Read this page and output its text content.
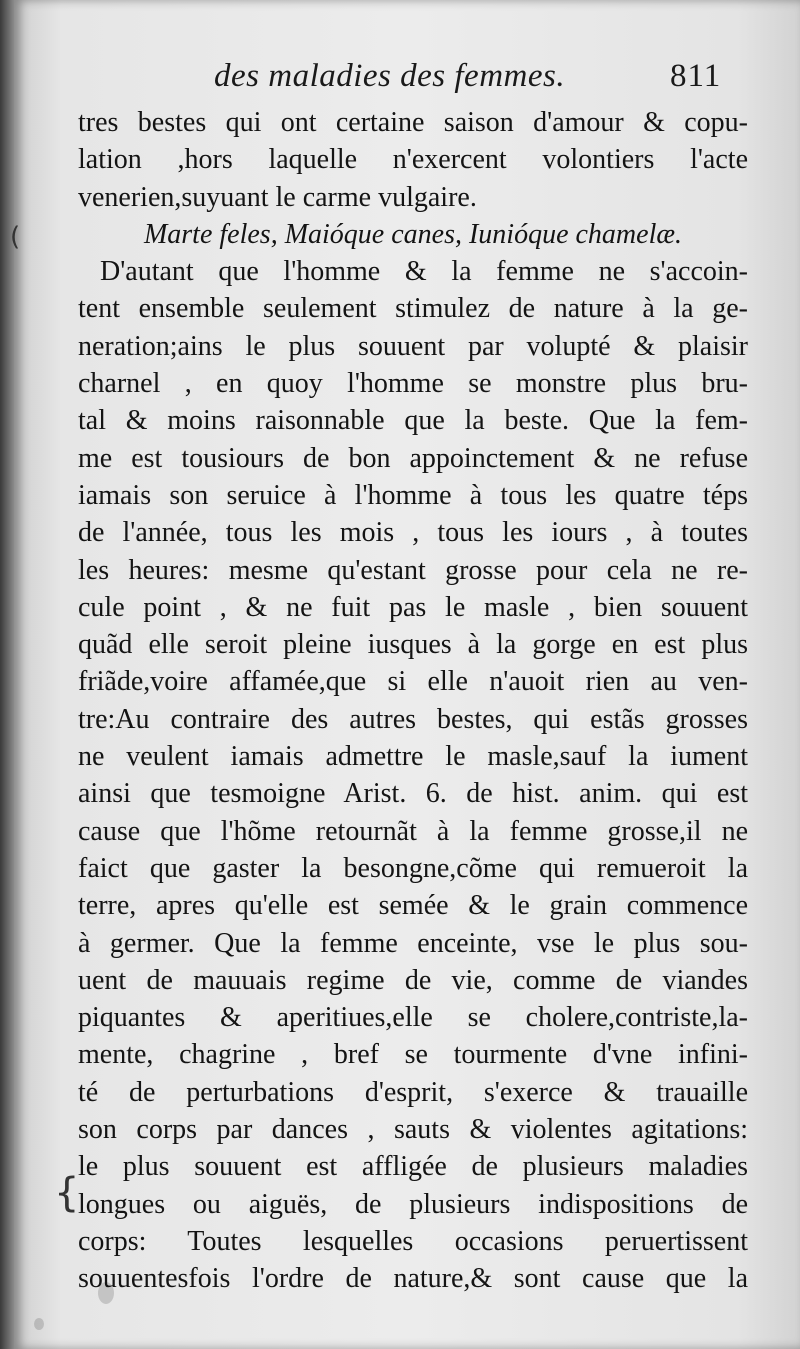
{
(
des maladies des femmes.	811
tres bestes qui ont certaine saison d'amour & copu-
lation ,hors laquelle n'exercent volontiers l'acte
venerien,suyuant le carme vulgaire.
Marte feles, Maióque canes, Iunióque chamelæ.
D'autant que l'homme & la femme ne s'accoin-
tent ensemble seulement stimulez de nature à la ge-
neration;ains le plus souuent par volupté & plaisir
charnel , en quoy l'homme se monstre plus bru-
tal & moins raisonnable que la beste. Que la fem-
me est tousiours de bon appoinctement & ne refuse
iamais son seruice à l'homme à tous les quatre téps
de l'année, tous les mois , tous les iours , à toutes
les heures: mesme qu'estant grosse pour cela ne re-
cule point , & ne fuit pas le masle , bien souuent
quãd elle seroit pleine iusques à la gorge en est plus
friãde,voire affamée,que si elle n'auoit rien au ven-
tre:Au contraire des autres bestes, qui estãs grosses
ne veulent iamais admettre le masle,sauf la iument
ainsi que tesmoigne Arist. 6. de hist. anim. qui est
cause que l'hõme retournãt à la femme grosse,il ne
faict que gaster la besongne,cõme qui remueroit la
terre, apres qu'elle est semée & le grain commence
à germer. Que la femme enceinte, vse le plus sou-
uent de mauuais regime de vie, comme de viandes
piquantes & aperitiues,elle se cholere,contriste,la-
mente, chagrine , bref se tourmente d'vne infini-
té de perturbations d'esprit, s'exerce & trauaille
son corps par dances , sauts & violentes agitations:
le plus souuent est affligée de plusieurs maladies
longues ou aiguës, de plusieurs indispositions de
corps: Toutes lesquelles occasions peruertissent
souuentesfois l'ordre de nature,& sont cause que la
